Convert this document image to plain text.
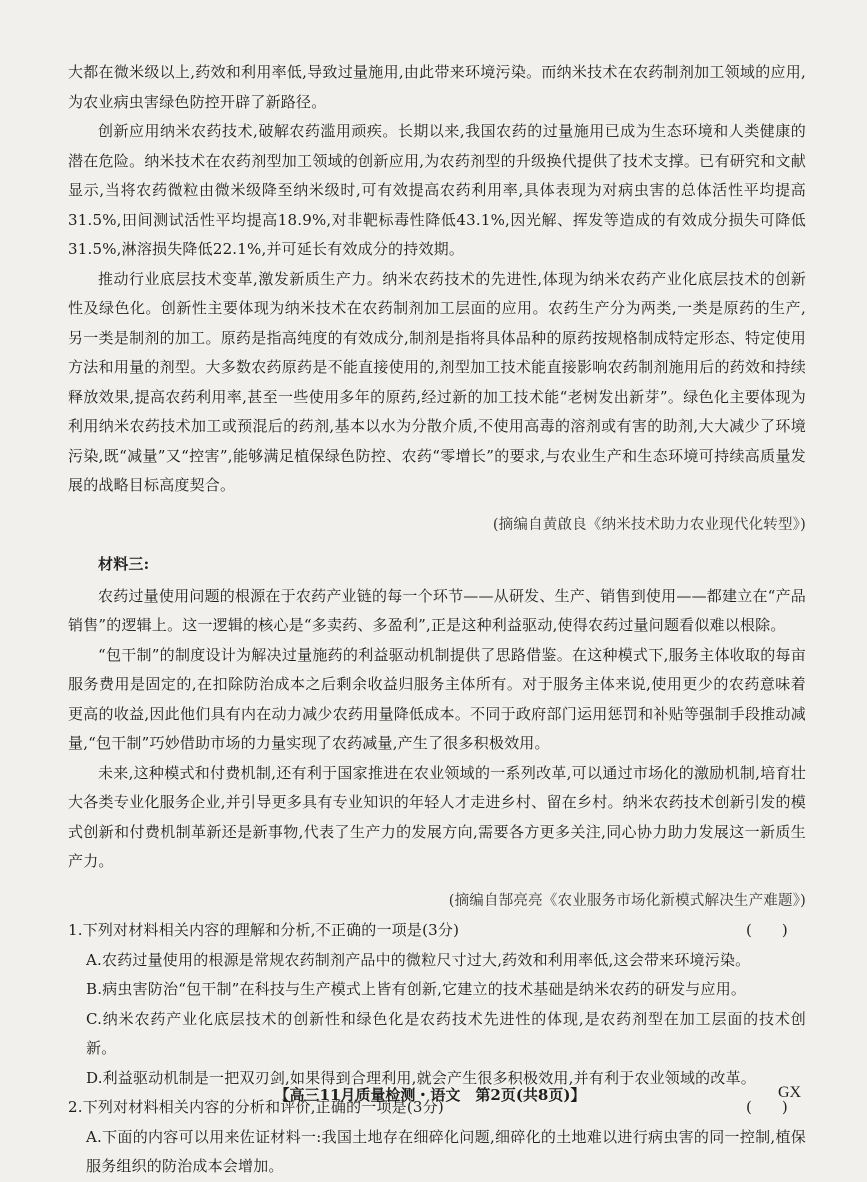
大都在微米级以上,药效和利用率低,导致过量施用,由此带来环境污染。而纳米技术在农药制剂加工领域的应用,为农业病虫害绿色防控开辟了新路径。

创新应用纳米农药技术,破解农药滥用顽疾。长期以来,我国农药的过量施用已成为生态环境和人类健康的潜在危险。纳米技术在农药剂型加工领域的创新应用,为农药剂型的升级换代提供了技术支撑。已有研究和文献显示,当将农药微粒由微米级降至纳米级时,可有效提高农药利用率,具体表现为对病虫害的总体活性平均提高31.5%,田间测试活性平均提高18.9%,对非靶标毒性降低43.1%,因光解、挥发等造成的有效成分损失可降低31.5%,淋溶损失降低22.1%,并可延长有效成分的持效期。

推动行业底层技术变革,激发新质生产力。纳米农药技术的先进性,体现为纳米农药产业化底层技术的创新性及绿色化。创新性主要体现为纳米技术在农药制剂加工层面的应用。农药生产分为两类,一类是原药的生产,另一类是制剂的加工。原药是指高纯度的有效成分,制剂是指将具体品种的原药按规格制成特定形态、特定使用方法和用量的剂型。大多数农药原药是不能直接使用的,剂型加工技术能直接影响农药制剂施用后的药效和持续释放效果,提高农药利用率,甚至一些使用多年的原药,经过新的加工技术能“老树发出新芽”。绿色化主要体现为利用纳米农药技术加工或预混后的药剂,基本以水为分散介质,不使用高毒的溶剂或有害的助剂,大大减少了环境污染,既“减量”又“控害”,能够满足植保绿色防控、农药“零增长”的要求,与农业生产和生态环境可持续高质量发展的战略目标高度契合。

(摘编自黄啟良《纳米技术助力农业现代化转型》)

材料三:

农药过量使用问题的根源在于农药产业链的每一个环节——从研发、生产、销售到使用——都建立在“产品销售”的逻辑上。这一逻辑的核心是“多卖药、多盈利”,正是这种利益驱动,使得农药过量问题看似难以根除。

“包干制”的制度设计为解决过量施药的利益驱动机制提供了思路借鉴。在这种模式下,服务主体收取的每亩服务费用是固定的,在扣除防治成本之后剩余收益归服务主体所有。对于服务主体来说,使用更少的农药意味着更高的收益,因此他们具有内在动力减少农药用量降低成本。不同于政府部门运用惩罚和补贴等强制手段推动减量,“包干制”巧妙借助市场的力量实现了农药减量,产生了很多积极效用。

未来,这种模式和付费机制,还有利于国家推进在农业领域的一系列改革,可以通过市场化的激励机制,培育壮大各类专业化服务企业,并引导更多具有专业知识的年轻人才走进乡村、留在乡村。纳米农药技术创新引发的模式创新和付费机制革新还是新事物,代表了生产力的发展方向,需要各方更多关注,同心协力助力发展这一新质生产力。

(摘编自郜亮亮《农业服务市场化新模式解决生产难题》)

1.下列对材料相关内容的理解和分析,不正确的一项是(3分)	(      )

A.农药过量使用的根源是常规农药制剂产品中的微粒尺寸过大,药效和利用率低,这会带来环境污染。

B.病虫害防治“包干制”在科技与生产模式上皆有创新,它建立的技术基础是纳米农药的研发与应用。

C.纳米农药产业化底层技术的创新性和绿色化是农药技术先进性的体现,是农药剂型在加工层面的技术创新。

D.利益驱动机制是一把双刃剑,如果得到合理利用,就会产生很多积极效用,并有利于农业领域的改革。

2.下列对材料相关内容的分析和评价,正确的一项是(3分)	(      )

A.下面的内容可以用来佐证材料一:我国土地存在细碎化问题,细碎化的土地难以进行病虫害的同一控制,植保服务组织的防治成本会增加。

【高三11月质量检测・语文　第2页(共8页)】	GX
